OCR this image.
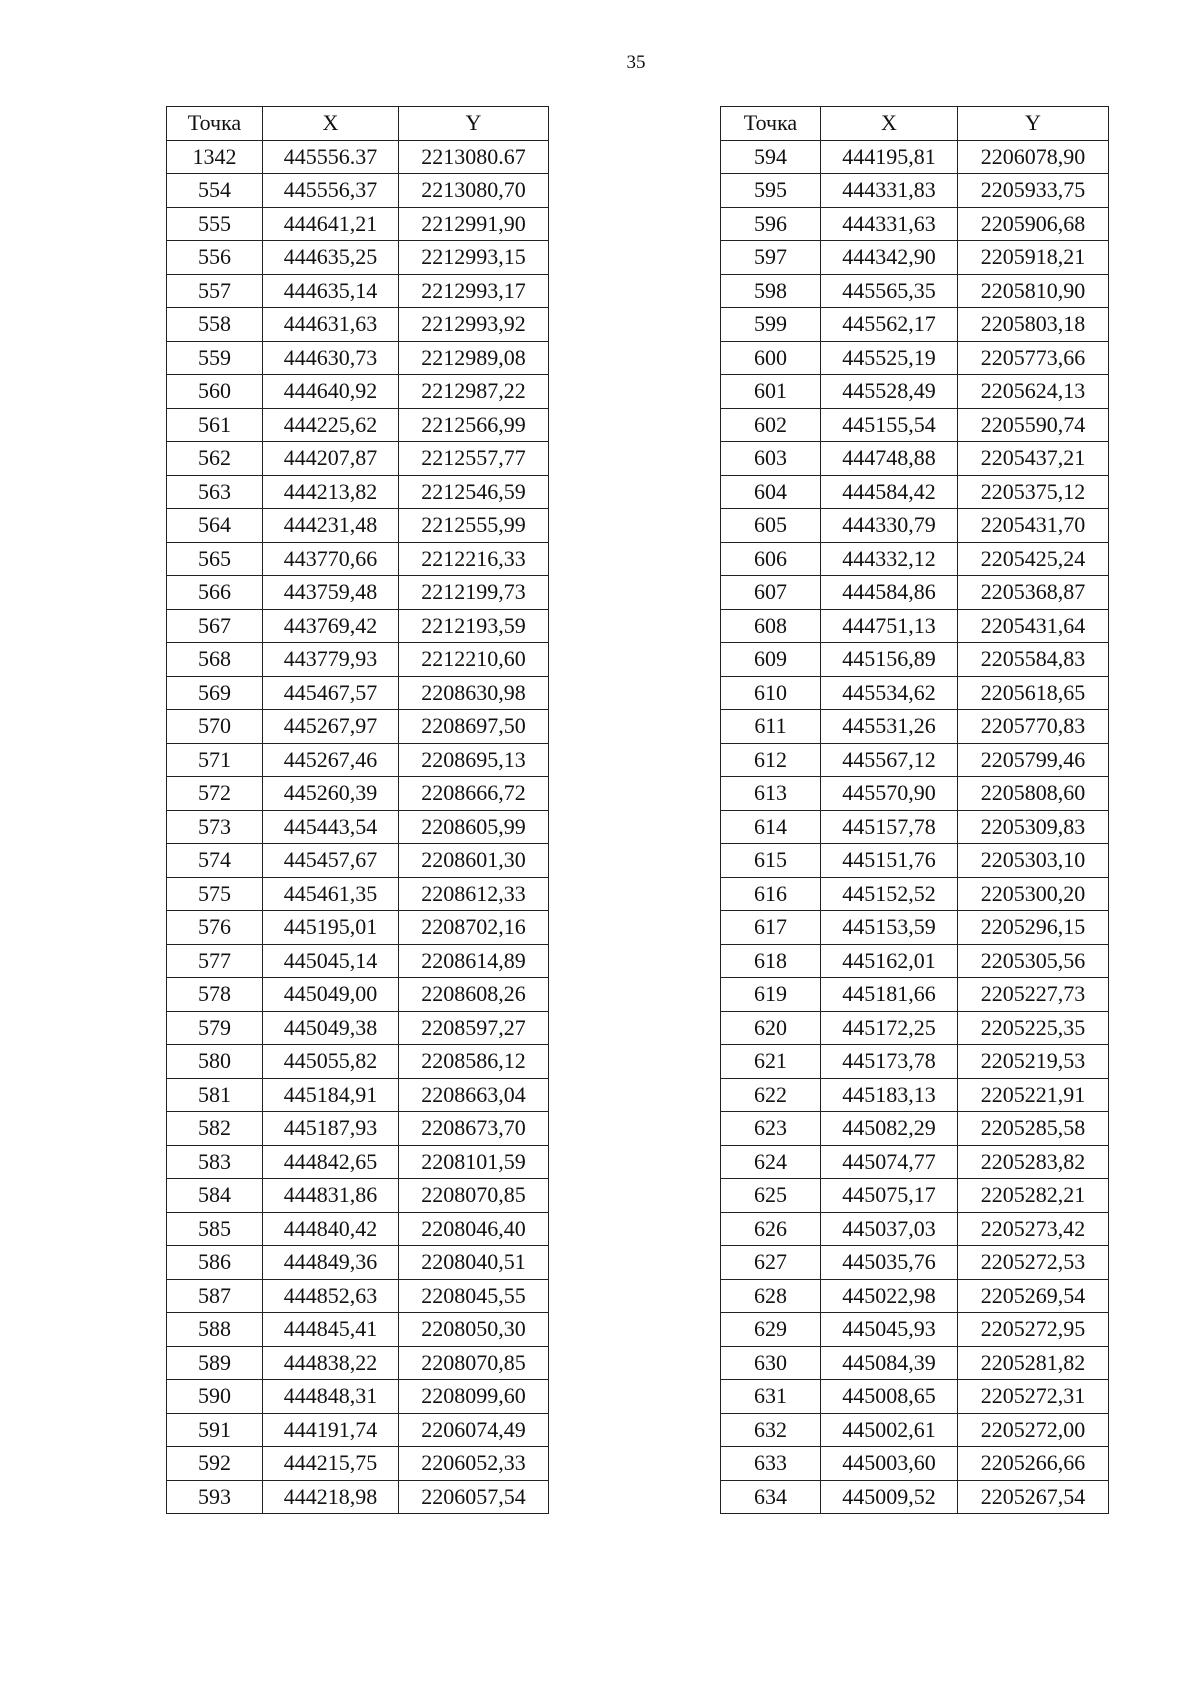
35
Точка	X	Y
1342	445556.37	2213080.67
554	445556,37	2213080,70
555	444641,21	2212991,90
556	444635,25	2212993,15
557	444635,14	2212993,17
558	444631,63	2212993,92
559	444630,73	2212989,08
560	444640,92	2212987,22
561	444225,62	2212566,99
562	444207,87	2212557,77
563	444213,82	2212546,59
564	444231,48	2212555,99
565	443770,66	2212216,33
566	443759,48	2212199,73
567	443769,42	2212193,59
568	443779,93	2212210,60
569	445467,57	2208630,98
570	445267,97	2208697,50
571	445267,46	2208695,13
572	445260,39	2208666,72
573	445443,54	2208605,99
574	445457,67	2208601,30
575	445461,35	2208612,33
576	445195,01	2208702,16
577	445045,14	2208614,89
578	445049,00	2208608,26
579	445049,38	2208597,27
580	445055,82	2208586,12
581	445184,91	2208663,04
582	445187,93	2208673,70
583	444842,65	2208101,59
584	444831,86	2208070,85
585	444840,42	2208046,40
586	444849,36	2208040,51
587	444852,63	2208045,55
588	444845,41	2208050,30
589	444838,22	2208070,85
590	444848,31	2208099,60
591	444191,74	2206074,49
592	444215,75	2206052,33
593	444218,98	2206057,54
Точка	X	Y
594	444195,81	2206078,90
595	444331,83	2205933,75
596	444331,63	2205906,68
597	444342,90	2205918,21
598	445565,35	2205810,90
599	445562,17	2205803,18
600	445525,19	2205773,66
601	445528,49	2205624,13
602	445155,54	2205590,74
603	444748,88	2205437,21
604	444584,42	2205375,12
605	444330,79	2205431,70
606	444332,12	2205425,24
607	444584,86	2205368,87
608	444751,13	2205431,64
609	445156,89	2205584,83
610	445534,62	2205618,65
611	445531,26	2205770,83
612	445567,12	2205799,46
613	445570,90	2205808,60
614	445157,78	2205309,83
615	445151,76	2205303,10
616	445152,52	2205300,20
617	445153,59	2205296,15
618	445162,01	2205305,56
619	445181,66	2205227,73
620	445172,25	2205225,35
621	445173,78	2205219,53
622	445183,13	2205221,91
623	445082,29	2205285,58
624	445074,77	2205283,82
625	445075,17	2205282,21
626	445037,03	2205273,42
627	445035,76	2205272,53
628	445022,98	2205269,54
629	445045,93	2205272,95
630	445084,39	2205281,82
631	445008,65	2205272,31
632	445002,61	2205272,00
633	445003,60	2205266,66
634	445009,52	2205267,54
